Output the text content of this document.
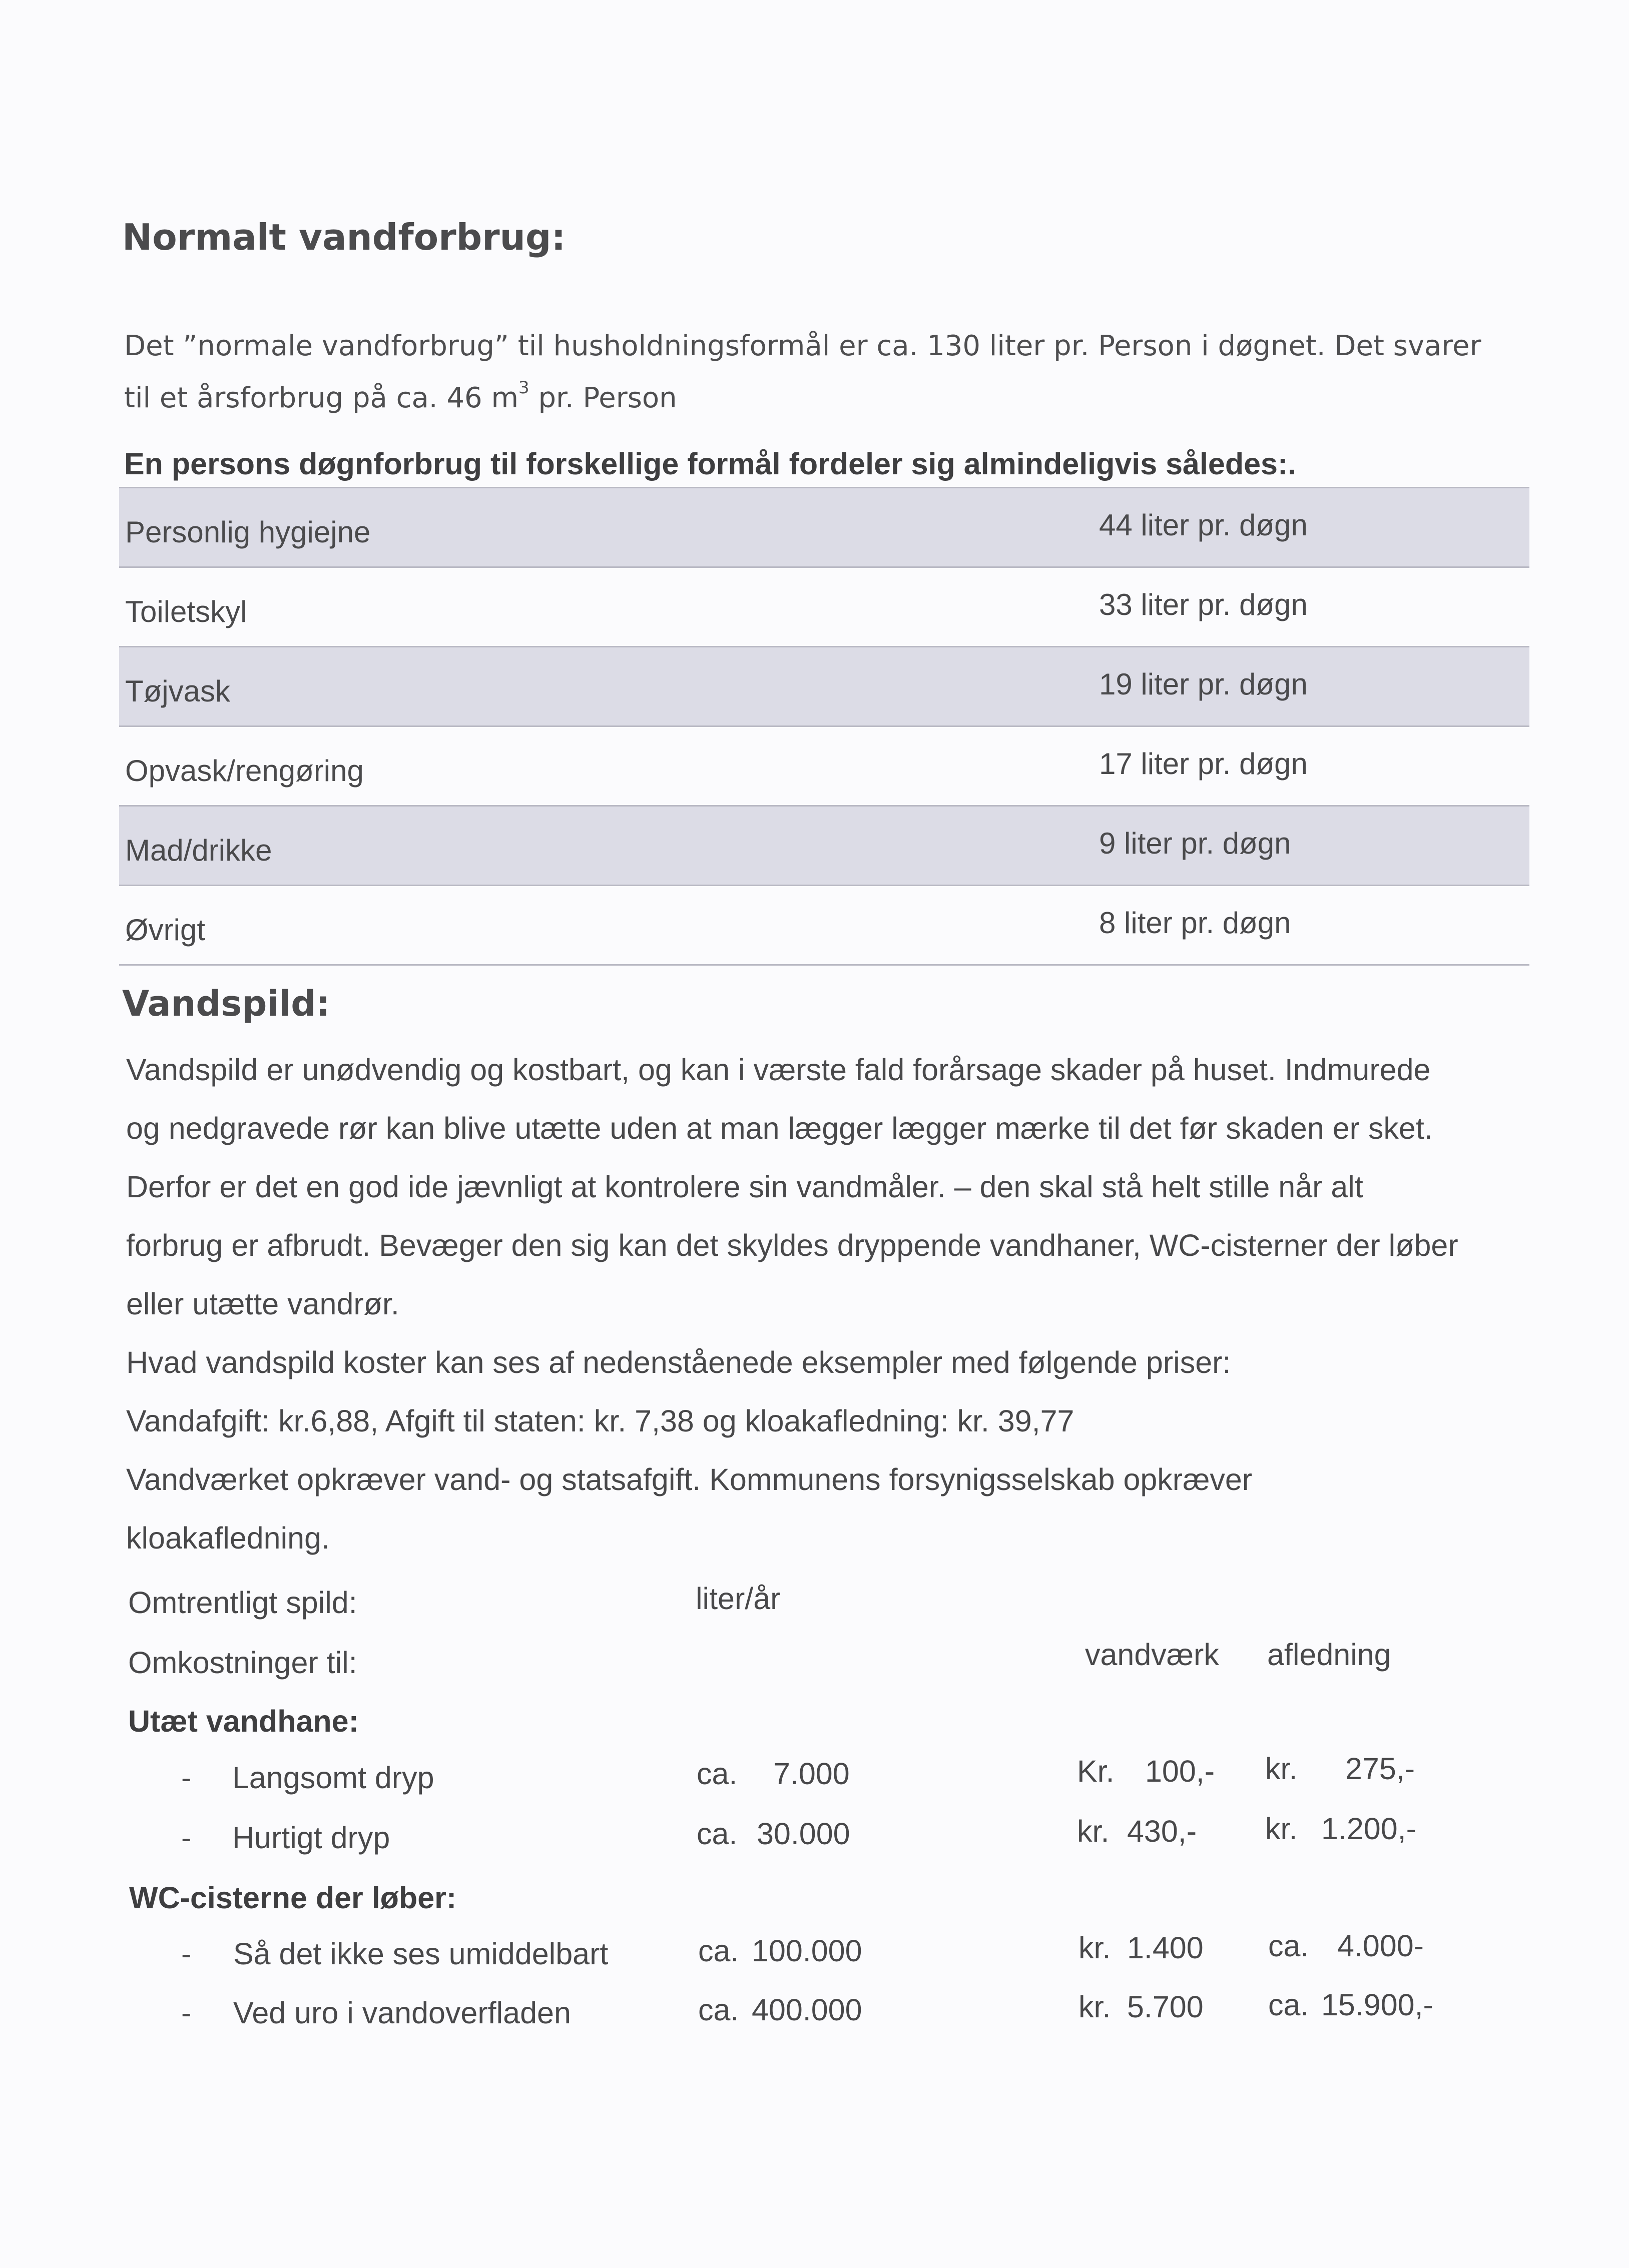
Normalt vandforbrug:
Det ”normale vandforbrug” til husholdningsformål er ca. 130 liter pr. Person i døgnet. Det svarer
til et årsforbrug på ca. 46 $m^3$ pr. Person
En persons døgnforbrug til forskellige formål fordeler sig almindeligvis således:.
Personlig hygiejne	44 liter pr. døgn
Toiletskyl	33 liter pr. døgn
Tøjvask	19 liter pr. døgn
Opvask/rengøring	17 liter pr. døgn
Mad/drikke	9 liter pr. døgn
Øvrigt	8 liter pr. døgn
Vandspild:

Vandspild er unødvendig og kostbart, og kan i værste fald forårsage skader på huset. Indmurede

og nedgravede rør kan blive utætte uden at man lægger lægger mærke til det før skaden er sket.

Derfor er det en god ide jævnligt at kontrolere sin vandmåler. – den skal stå helt stille når alt

forbrug er afbrudt. Bevæger den sig kan det skyldes dryppende vandhaner, WC-cisterner der løber

eller utætte vandrør.

Hvad vandspild koster kan ses af nedenståenede eksempler med følgende priser:

Vandafgift: kr.6,88, Afgift til staten: kr. 7,38 og kloakafledning: kr. 39,77

Vandværket opkræver vand- og statsafgift. Kommunens forsynigsselskab opkræver

kloakafledning.

Omtrentligt spild:	liter/år
Omkostninger til:	vandværk afledning
Utæt vandhane:
- Langsomt dryp	ca. 7.000	Kr. 100,- kr. 275,-
- Hurtigt dryp	ca. 30.000	kr. 430,- kr. 1.200,-
WC-cisterne der løber:
- Så det ikke ses umiddelbart	ca. 100.000	kr. 1.400 ca. 4.000-
- Ved uro i vandoverfladen	ca. 400.000	kr. 5.700 ca. 15.900,-
